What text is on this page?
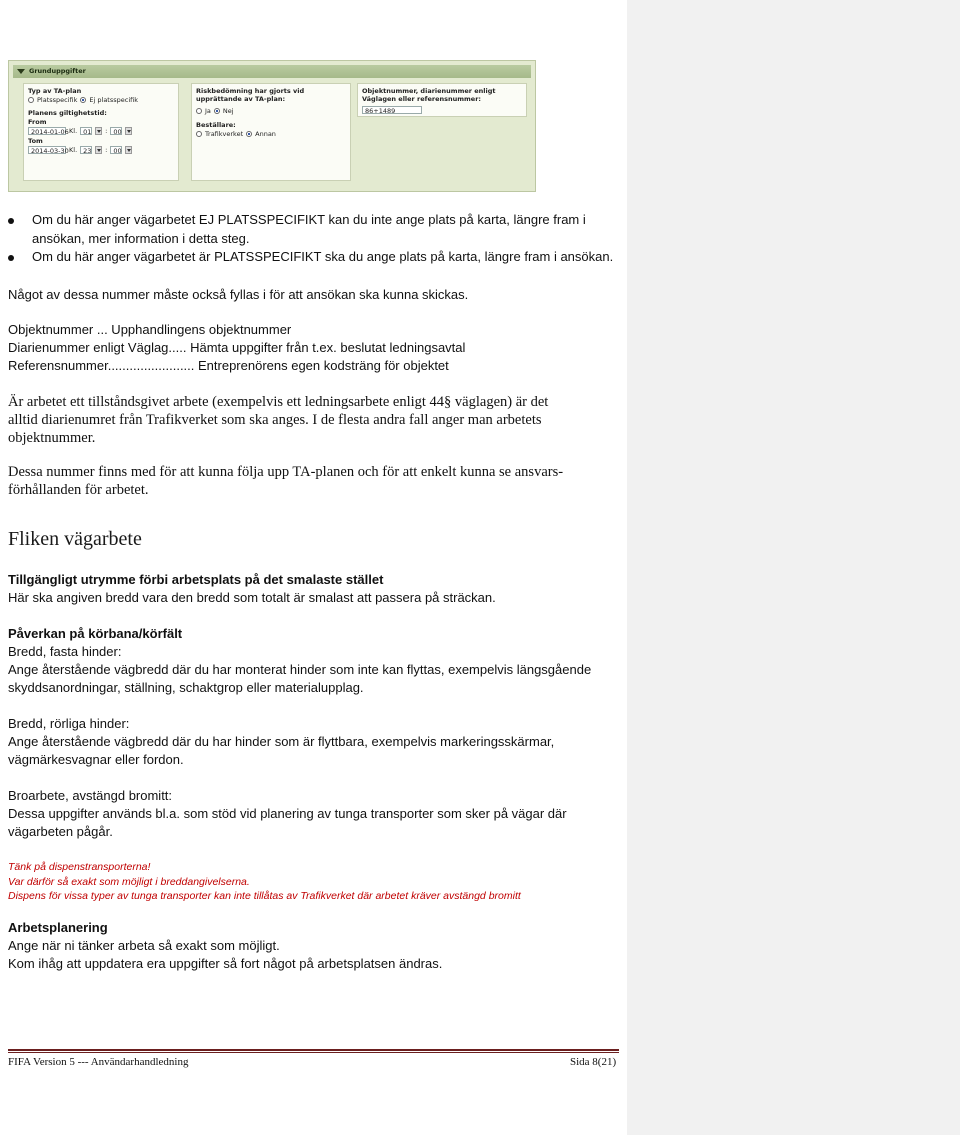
Grunduppgifter
Typ av TA-plan
Platsspecifik Ej platsspecifik
Planens giltighetstid:
From
2014-01-06 Kl. 01 : 00
Tom
2014-03-30 Kl. 23 : 00
Riskbedömning har gjorts vid upprättande av TA-plan:
Ja Nej
Beställare:
Trafikverket Annan
Objektnummer, diarienummer enligt Väglagen eller referensnummer:
86+1489

Om du här anger vägarbetet EJ PLATSSPECIFIKT kan du inte ange plats på karta, längre fram i

ansökan, mer information i detta steg.

Om du här anger vägarbetet är PLATSSPECIFIKT ska du ange plats på karta, längre fram i ansökan.

Något av dessa nummer måste också fyllas i för att ansökan ska kunna skickas.

Objektnummer ... Upphandlingens objektnummer

Diarienummer enligt Väglag..... Hämta uppgifter från t.ex. beslutat ledningsavtal

Referensnummer........................ Entreprenörens egen kodsträng för objektet

Är arbetet ett tillståndsgivet arbete (exempelvis ett ledningsarbete enligt 44§ väglagen) är det

alltid diarienumret från Trafikverket som ska anges. I de flesta andra fall anger man arbetets

objektnummer.

Dessa nummer finns med för att kunna följa upp TA-planen och för att enkelt kunna se ansvars-

förhållanden för arbetet.

Fliken vägarbete

Tillgängligt utrymme förbi arbetsplats på det smalaste stället

Här ska angiven bredd vara den bredd som totalt är smalast att passera på sträckan.

Påverkan på körbana/körfält

Bredd, fasta hinder:

Ange återstående vägbredd där du har monterat hinder som inte kan flyttas, exempelvis längsgående

skyddsanordningar, ställning, schaktgrop eller materialupplag.

Bredd, rörliga hinder:

Ange återstående vägbredd där du har hinder som är flyttbara, exempelvis markeringsskärmar,

vägmärkesvagnar eller fordon.

Broarbete, avstängd bromitt:

Dessa uppgifter används bl.a. som stöd vid planering av tunga transporter som sker på vägar där

vägarbeten pågår.

Tänk på dispenstransporterna!

Var därför så exakt som möjligt i breddangivelserna.

Dispens för vissa typer av tunga transporter kan inte tillåtas av Trafikverket där arbetet kräver avstängd bromitt

Arbetsplanering

Ange när ni tänker arbeta så exakt som möjligt.

Kom ihåg att uppdatera era uppgifter så fort något på arbetsplatsen ändras.

FIFA Version 5 --- Användarhandledning	Sida 8(21)
